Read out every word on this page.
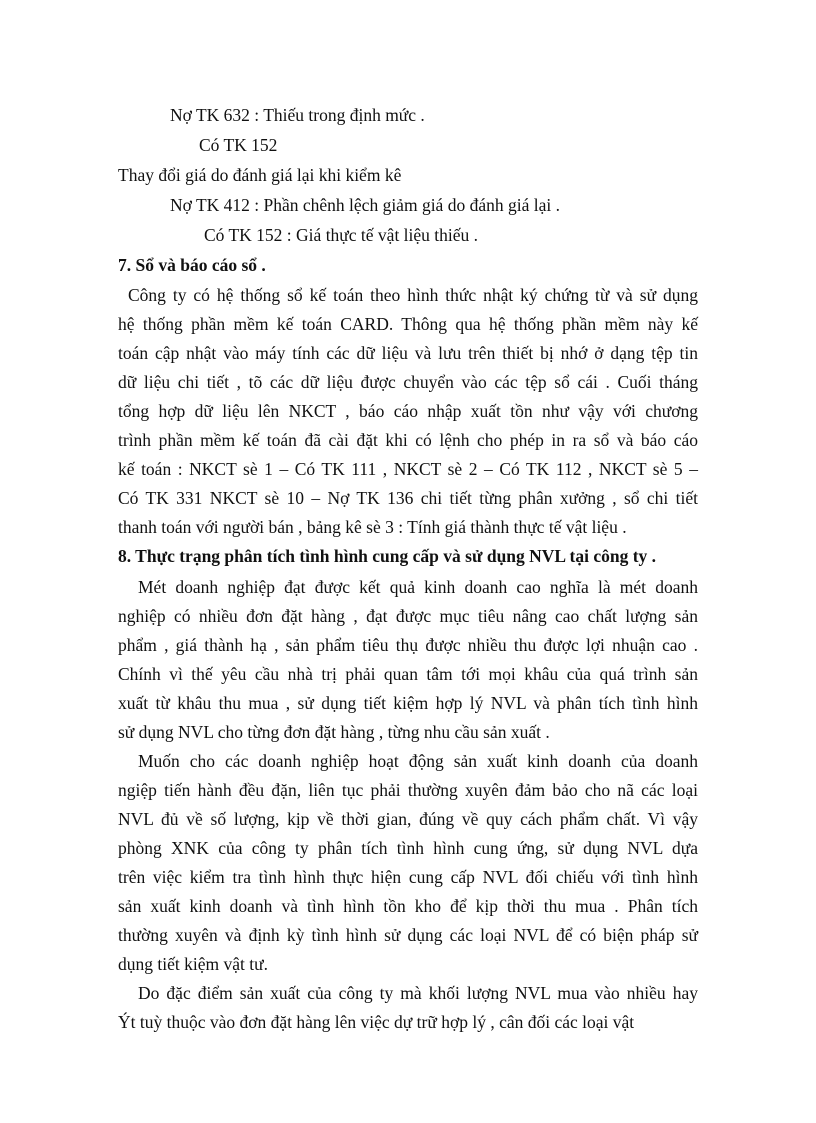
Nợ TK 632 : Thiếu trong định mức .
Có TK 152
Thay đổi giá do đánh giá lại khi kiểm kê
Nợ TK 412 : Phần chênh lệch giảm giá do đánh giá lại .
Có TK 152 : Giá thực tế vật liệu thiếu .
7. Sổ và báo cáo sổ .
Công ty có hệ thống sổ kế toán theo hình thức nhật ký chứng từ và sử dụng
hệ thống phần mềm kế toán CARD. Thông qua hệ thống phần mềm này kế
toán cập nhật vào máy tính các dữ liệu và lưu trên thiết bị nhớ ở dạng tệp tin
dữ liệu chi tiết , tõ các dữ liệu được chuyển vào các tệp sổ cái . Cuối tháng
tổng hợp dữ liệu lên NKCT , báo cáo nhập xuất tồn như vậy với chương
trình phần mềm kế toán đã cài đặt khi có lệnh cho phép in ra sổ và báo cáo
kế toán : NKCT sè 1 – Có TK 111 , NKCT sè 2 – Có TK 112 , NKCT sè 5 –
Có TK 331 NKCT sè 10 – Nợ TK 136 chi tiết từng phân xưởng , sổ chi tiết
thanh toán với người bán , bảng kê sè 3 : Tính giá thành thực tế vật liệu .
8. Thực trạng phân tích tình hình cung cấp và sử dụng NVL tại công ty .
Mét doanh nghiệp đạt được kết quả kinh doanh cao nghĩa là mét doanh
nghiệp có nhiều đơn đặt hàng , đạt được mục tiêu nâng cao chất lượng sản
phẩm , giá thành hạ , sản phẩm tiêu thụ được nhiều thu được lợi nhuận cao .
Chính vì thế yêu cầu nhà trị phải quan tâm tới mọi khâu của quá trình sản
xuất từ khâu thu mua , sử dụng tiết kiệm hợp lý NVL và phân tích tình hình
sử dụng NVL cho từng đơn đặt hàng , từng nhu cầu sản xuất .
Muốn cho các doanh nghiệp hoạt động sản xuất kinh doanh của doanh
ngiệp tiến hành đều đặn, liên tục phải thường xuyên đảm bảo cho nã các loại
NVL đủ về số lượng, kịp về thời gian, đúng về quy cách phẩm chất. Vì vậy
phòng XNK của công ty phân tích tình hình cung ứng, sử dụng NVL dựa
trên việc kiểm tra tình hình thực hiện cung cấp NVL đối chiếu với tình hình
sản xuất kinh doanh và tình hình tồn kho để kịp thời thu mua . Phân tích
thường xuyên và định kỳ tình hình sử dụng các loại NVL để có biện pháp sử
dụng tiết kiệm vật tư.
Do đặc điểm sản xuất của công ty mà khối lượng NVL mua vào nhiều hay
Ýt tuỳ thuộc vào đơn đặt hàng lên việc dự trữ hợp lý , cân đối các loại vật
